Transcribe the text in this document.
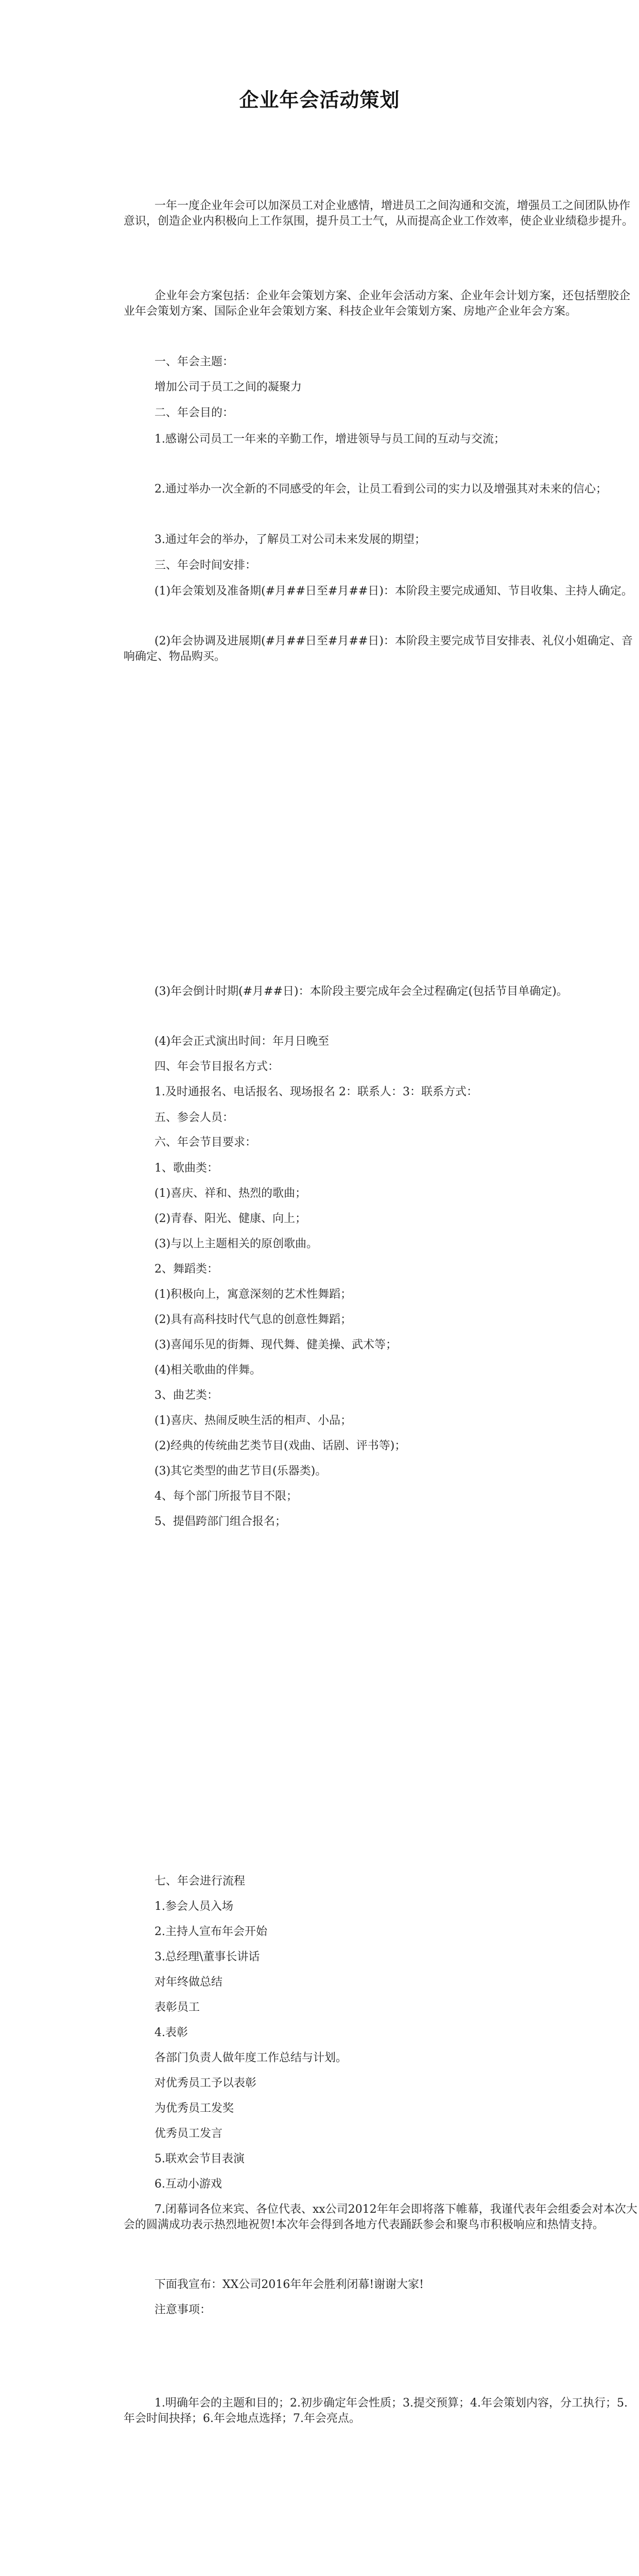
企业年会活动策划
一年一度企业年会可以加深员工对企业感情，增进员工之间沟通和交流，增强员工之间团队协作意识，创造企业内积极向上工作氛围，提升员工士气，从而提高企业工作效率，使企业业绩稳步提升。
企业年会方案包括：企业年会策划方案、企业年会活动方案、企业年会计划方案，还包括塑胶企业年会策划方案、国际企业年会策划方案、科技企业年会策划方案、房地产企业年会方案。
一、年会主题：
增加公司于员工之间的凝聚力
二、年会目的：
1.感谢公司员工一年来的辛勤工作，增进领导与员工间的互动与交流；
2.通过举办一次全新的不同感受的年会，让员工看到公司的实力以及增强其对未来的信心；
3.通过年会的举办，了解员工对公司未来发展的期望；
三、年会时间安排：
(1)年会策划及准备期(#月##日至#月##日)：本阶段主要完成通知、节目收集、主持人确定。
(2)年会协调及进展期(#月##日至#月##日)：本阶段主要完成节目安排表、礼仪小姐确定、音响确定、物品购买。
(3)年会倒计时期(#月##日)：本阶段主要完成年会全过程确定(包括节目单确定)。
(4)年会正式演出时间：年月日晚至
四、年会节目报名方式：
1.及时通报名、电话报名、现场报名 2：联系人：3：联系方式：
五、参会人员：
六、年会节目要求：
1、歌曲类：
(1)喜庆、祥和、热烈的歌曲；
(2)青春、阳光、健康、向上；
(3)与以上主题相关的原创歌曲。
2、舞蹈类：
(1)积极向上，寓意深刻的艺术性舞蹈；
(2)具有高科技时代气息的创意性舞蹈；
(3)喜闻乐见的街舞、现代舞、健美操、武术等；
(4)相关歌曲的伴舞。
3、曲艺类：
(1)喜庆、热闹反映生活的相声、小品；
(2)经典的传统曲艺类节目(戏曲、话剧、评书等)；
(3)其它类型的曲艺节目(乐器类)。
4、每个部门所报节目不限；
5、提倡跨部门组合报名；
七、年会进行流程
1.参会人员入场
2.主持人宣布年会开始
3.总经理\董事长讲话
对年终做总结
表彰员工
4.表彰
各部门负责人做年度工作总结与计划。
对优秀员工予以表彰
为优秀员工发奖
优秀员工发言
5.联欢会节目表演
6.互动小游戏
7.闭幕词各位来宾、各位代表、xx公司2012年年会即将落下帷幕，我谨代表年会组委会对本次大会的圆满成功表示热烈地祝贺!本次年会得到各地方代表踊跃参会和聚鸟市积极响应和热情支持。
下面我宣布：XX公司2016年年会胜利闭幕!谢谢大家!
注意事项：
1.明确年会的主题和目的；2.初步确定年会性质；3.提交预算；4.年会策划内容，分工执行；5.年会时间抉择；6.年会地点选择；7.年会亮点。
